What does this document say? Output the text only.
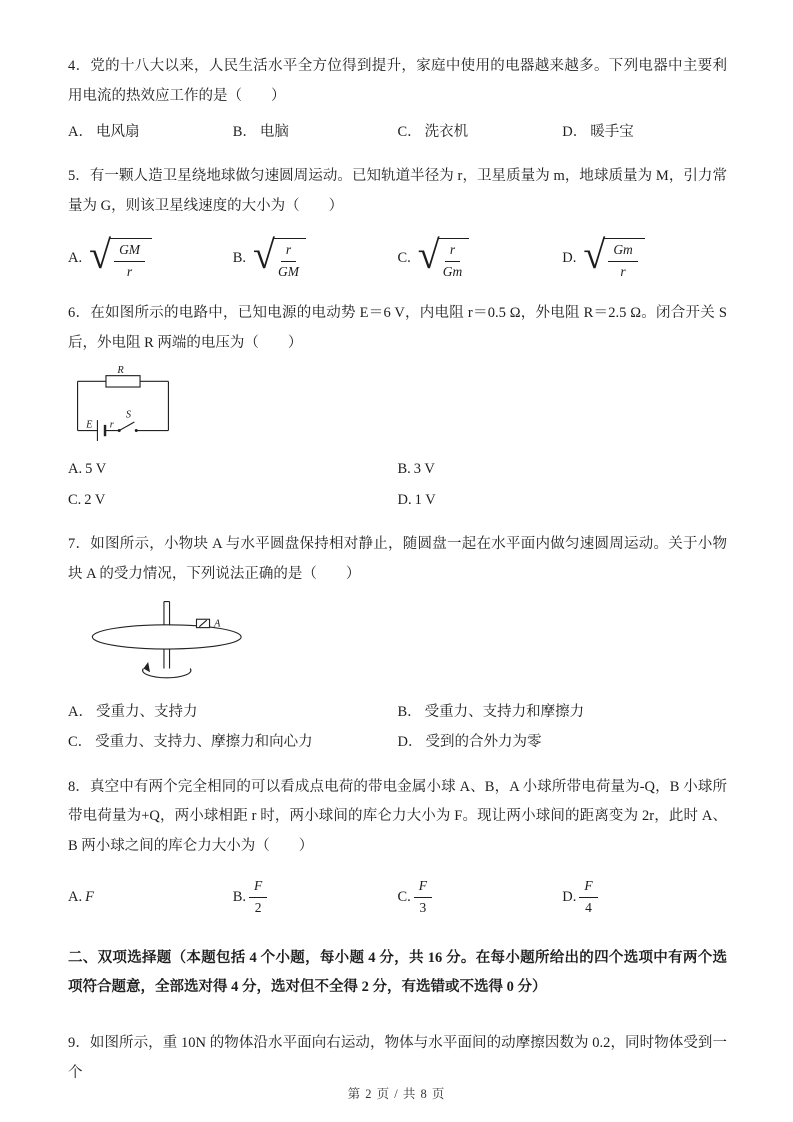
4．党的十八大以来，人民生活水平全方位得到提升，家庭中使用的电器越来越多。下列电器中主要利用电流的热效应工作的是（　　）

A． 电风扇	B． 电脑	C． 洗衣机	D． 暖手宝

5．有一颗人造卫星绕地球做匀速圆周运动。已知轨道半径为 r，卫星质量为 m，地球质量为 M，引力常量为 G，则该卫星线速度的大小为（　　）

A. √ $\frac{GM}{r}$	B. √ $\frac{r}{GM}$	C. √ $\frac{r}{Gm}$	D. √ $\frac{Gm}{r}$

6．在如图所示的电路中，已知电源的电动势 E＝6 V，内电阻 r＝0.5 Ω，外电阻 R＝2.5 Ω。闭合开关 S 后，外电阻 R 两端的电压为（　　）

R
E r
S
A. 5 V	B. 3 V
C. 2 V	D. 1 V

7．如图所示，小物块 A 与水平圆盘保持相对静止，随圆盘一起在水平面内做匀速圆周运动。关于小物块 A 的受力情况，下列说法正确的是（　　）

A
A． 受重力、支持力	B． 受重力、支持力和摩擦力
C． 受重力、支持力、摩擦力和向心力	D． 受到的合外力为零

8．真空中有两个完全相同的可以看成点电荷的带电金属小球 A、B，A 小球所带电荷量为-Q，B 小球所带电荷量为+Q，两小球相距 r 时，两小球间的库仑力大小为 F。现让两小球间的距离变为 2r，此时 A、B 两小球之间的库仑力大小为（　　）

A. F	B. $\frac{F}{2}$	C. $\frac{F}{3}$	D. $\frac{F}{4}$

二、双项选择题（本题包括 4 个小题，每小题 4 分，共 16 分。在每小题所给出的四个选项中有两个选项符合题意，全部选对得 4 分，选对但不全得 2 分，有选错或不选得 0 分）

9．如图所示，重 10N 的物体沿水平面向右运动，物体与水平面间的动摩擦因数为 0.2，同时物体受到一个

第 2 页 / 共 8 页
